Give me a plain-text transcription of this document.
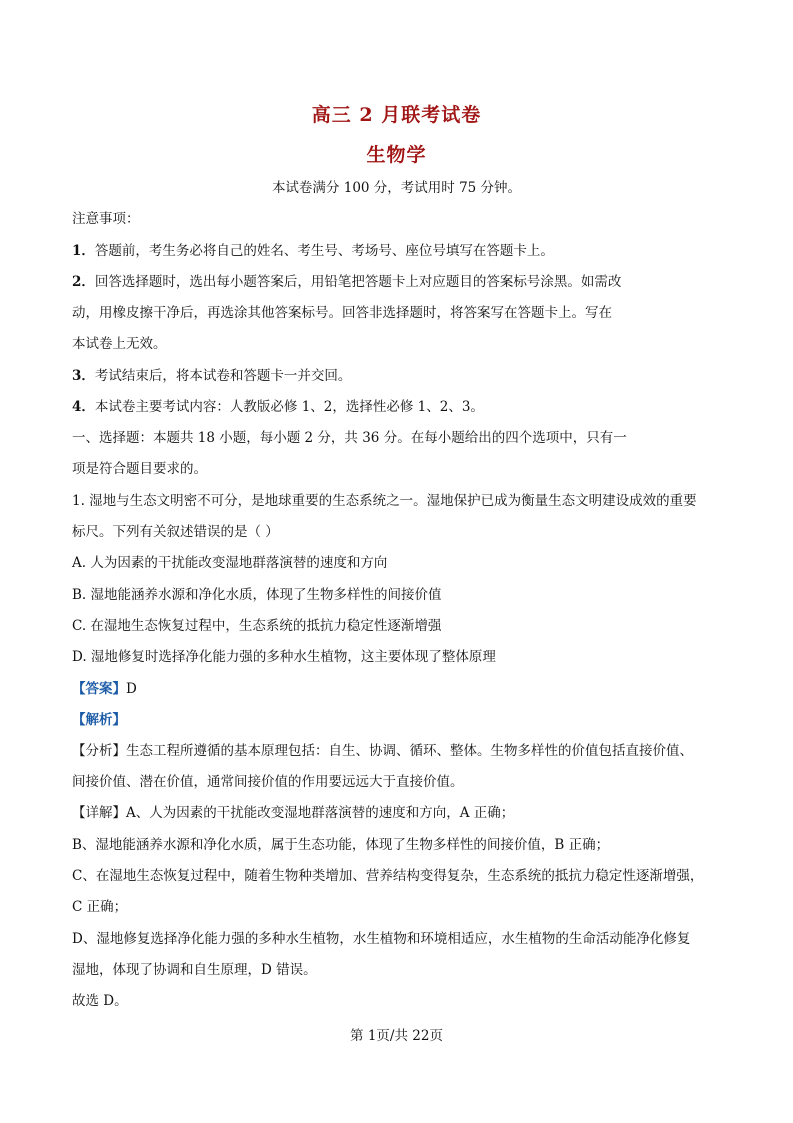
高三 2 月联考试卷
生物学
本试卷满分 100 分，考试用时 75 分钟。
注意事项：
1．答题前，考生务必将自己的姓名、考生号、考场号、座位号填写在答题卡上。
2．回答选择题时，选出每小题答案后，用铅笔把答题卡上对应题目的答案标号涂黑。如需改
动，用橡皮擦干净后，再选涂其他答案标号。回答非选择题时，将答案写在答题卡上。写在
本试卷上无效。
3．考试结束后，将本试卷和答题卡一并交回。
4．本试卷主要考试内容：人教版必修 1、2，选择性必修 1、2、3。
一、选择题：本题共 18 小题，每小题 2 分，共 36 分。在每小题给出的四个选项中，只有一
项是符合题目要求的。
1. 湿地与生态文明密不可分，是地球重要的生态系统之一。湿地保护已成为衡量生态文明建设成效的重要
标尺。下列有关叙述错误的是（ ）
A. 人为因素的干扰能改变湿地群落演替的速度和方向
B. 湿地能涵养水源和净化水质，体现了生物多样性的间接价值
C. 在湿地生态恢复过程中，生态系统的抵抗力稳定性逐渐增强
D. 湿地修复时选择净化能力强的多种水生植物，这主要体现了整体原理
【答案】D
【解析】
【分析】生态工程所遵循的基本原理包括：自生、协调、循环、整体。生物多样性的价值包括直接价值、
间接价值、潜在价值，通常间接价值的作用要远远大于直接价值。
【详解】A、人为因素的干扰能改变湿地群落演替的速度和方向，A 正确；
B、湿地能涵养水源和净化水质，属于生态功能，体现了生物多样性的间接价值，B 正确；
C、在湿地生态恢复过程中，随着生物种类增加、营养结构变得复杂，生态系统的抵抗力稳定性逐渐增强，
C 正确；
D、湿地修复选择净化能力强的多种水生植物，水生植物和环境相适应，水生植物的生命活动能净化修复
湿地，体现了协调和自生原理，D 错误。
故选 D。
第 1页/共 22页
